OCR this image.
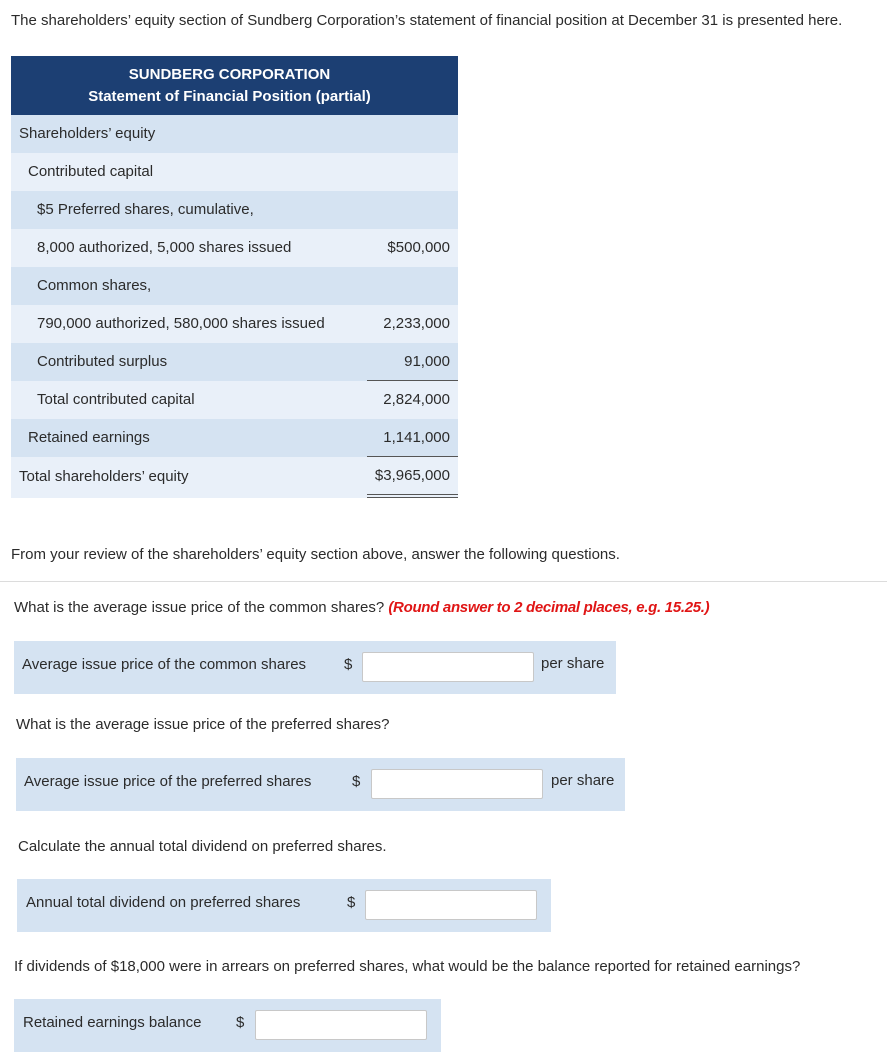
The shareholders’ equity section of Sundberg Corporation’s statement of financial position at December 31 is presented here.
SUNDBERG CORPORATION
Statement of Financial Position (partial)
Shareholders’ equity
Contributed capital
$5 Preferred shares, cumulative,
8,000 authorized, 5,000 shares issued	$500,000
Common shares,
790,000 authorized, 580,000 shares issued	2,233,000
Contributed surplus	91,000
Total contributed capital	2,824,000
Retained earnings	1,141,000
Total shareholders’ equity	$3,965,000
From your review of the shareholders’ equity section above, answer the following questions.
What is the average issue price of the common shares? (Round answer to 2 decimal places, e.g. 15.25.)
Average issue price of the common shares	$	per share
What is the average issue price of the preferred shares?
Average issue price of the preferred shares	$	per share
Calculate the annual total dividend on preferred shares.
Annual total dividend on preferred shares	$
If dividends of $18,000 were in arrears on preferred shares, what would be the balance reported for retained earnings?
Retained earnings balance $
